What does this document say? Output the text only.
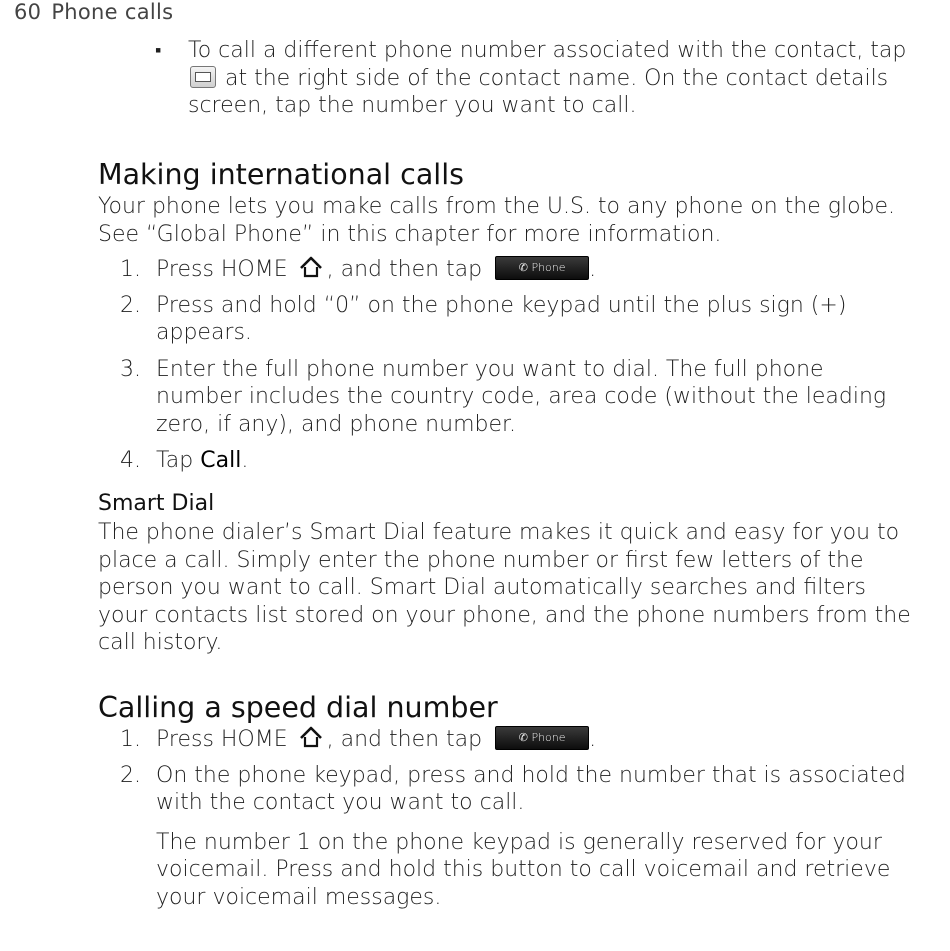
60 Phone calls
▪ To call a different phone number associated with the contact, tap  at the right side of the contact name. On the contact details screen, tap the number you want to call.
Making international calls

Your phone lets you make calls from the U.S. to any phone on the globe. See “Global Phone” in this chapter for more information.

1. Press HOME , and then tap	✆ Phone .
2. Press and hold “0” on the phone keypad until the plus sign (+) appears.
3. Enter the full phone number you want to dial. The full phone number includes the country code, area code (without the leading zero, if any), and phone number.
4. Tap Call.
Smart Dial

The phone dialer’s Smart Dial feature makes it quick and easy for you to place a call. Simply enter the phone number or first few letters of the person you want to call. Smart Dial automatically searches and filters your contacts list stored on your phone, and the phone numbers from the call history.

Calling a speed dial number
1. Press HOME , and then tap	✆ Phone .
2. On the phone keypad, press and hold the number that is associated with the contact you want to call.

The number 1 on the phone keypad is generally reserved for your voicemail. Press and hold this button to call voicemail and retrieve your voicemail messages.
